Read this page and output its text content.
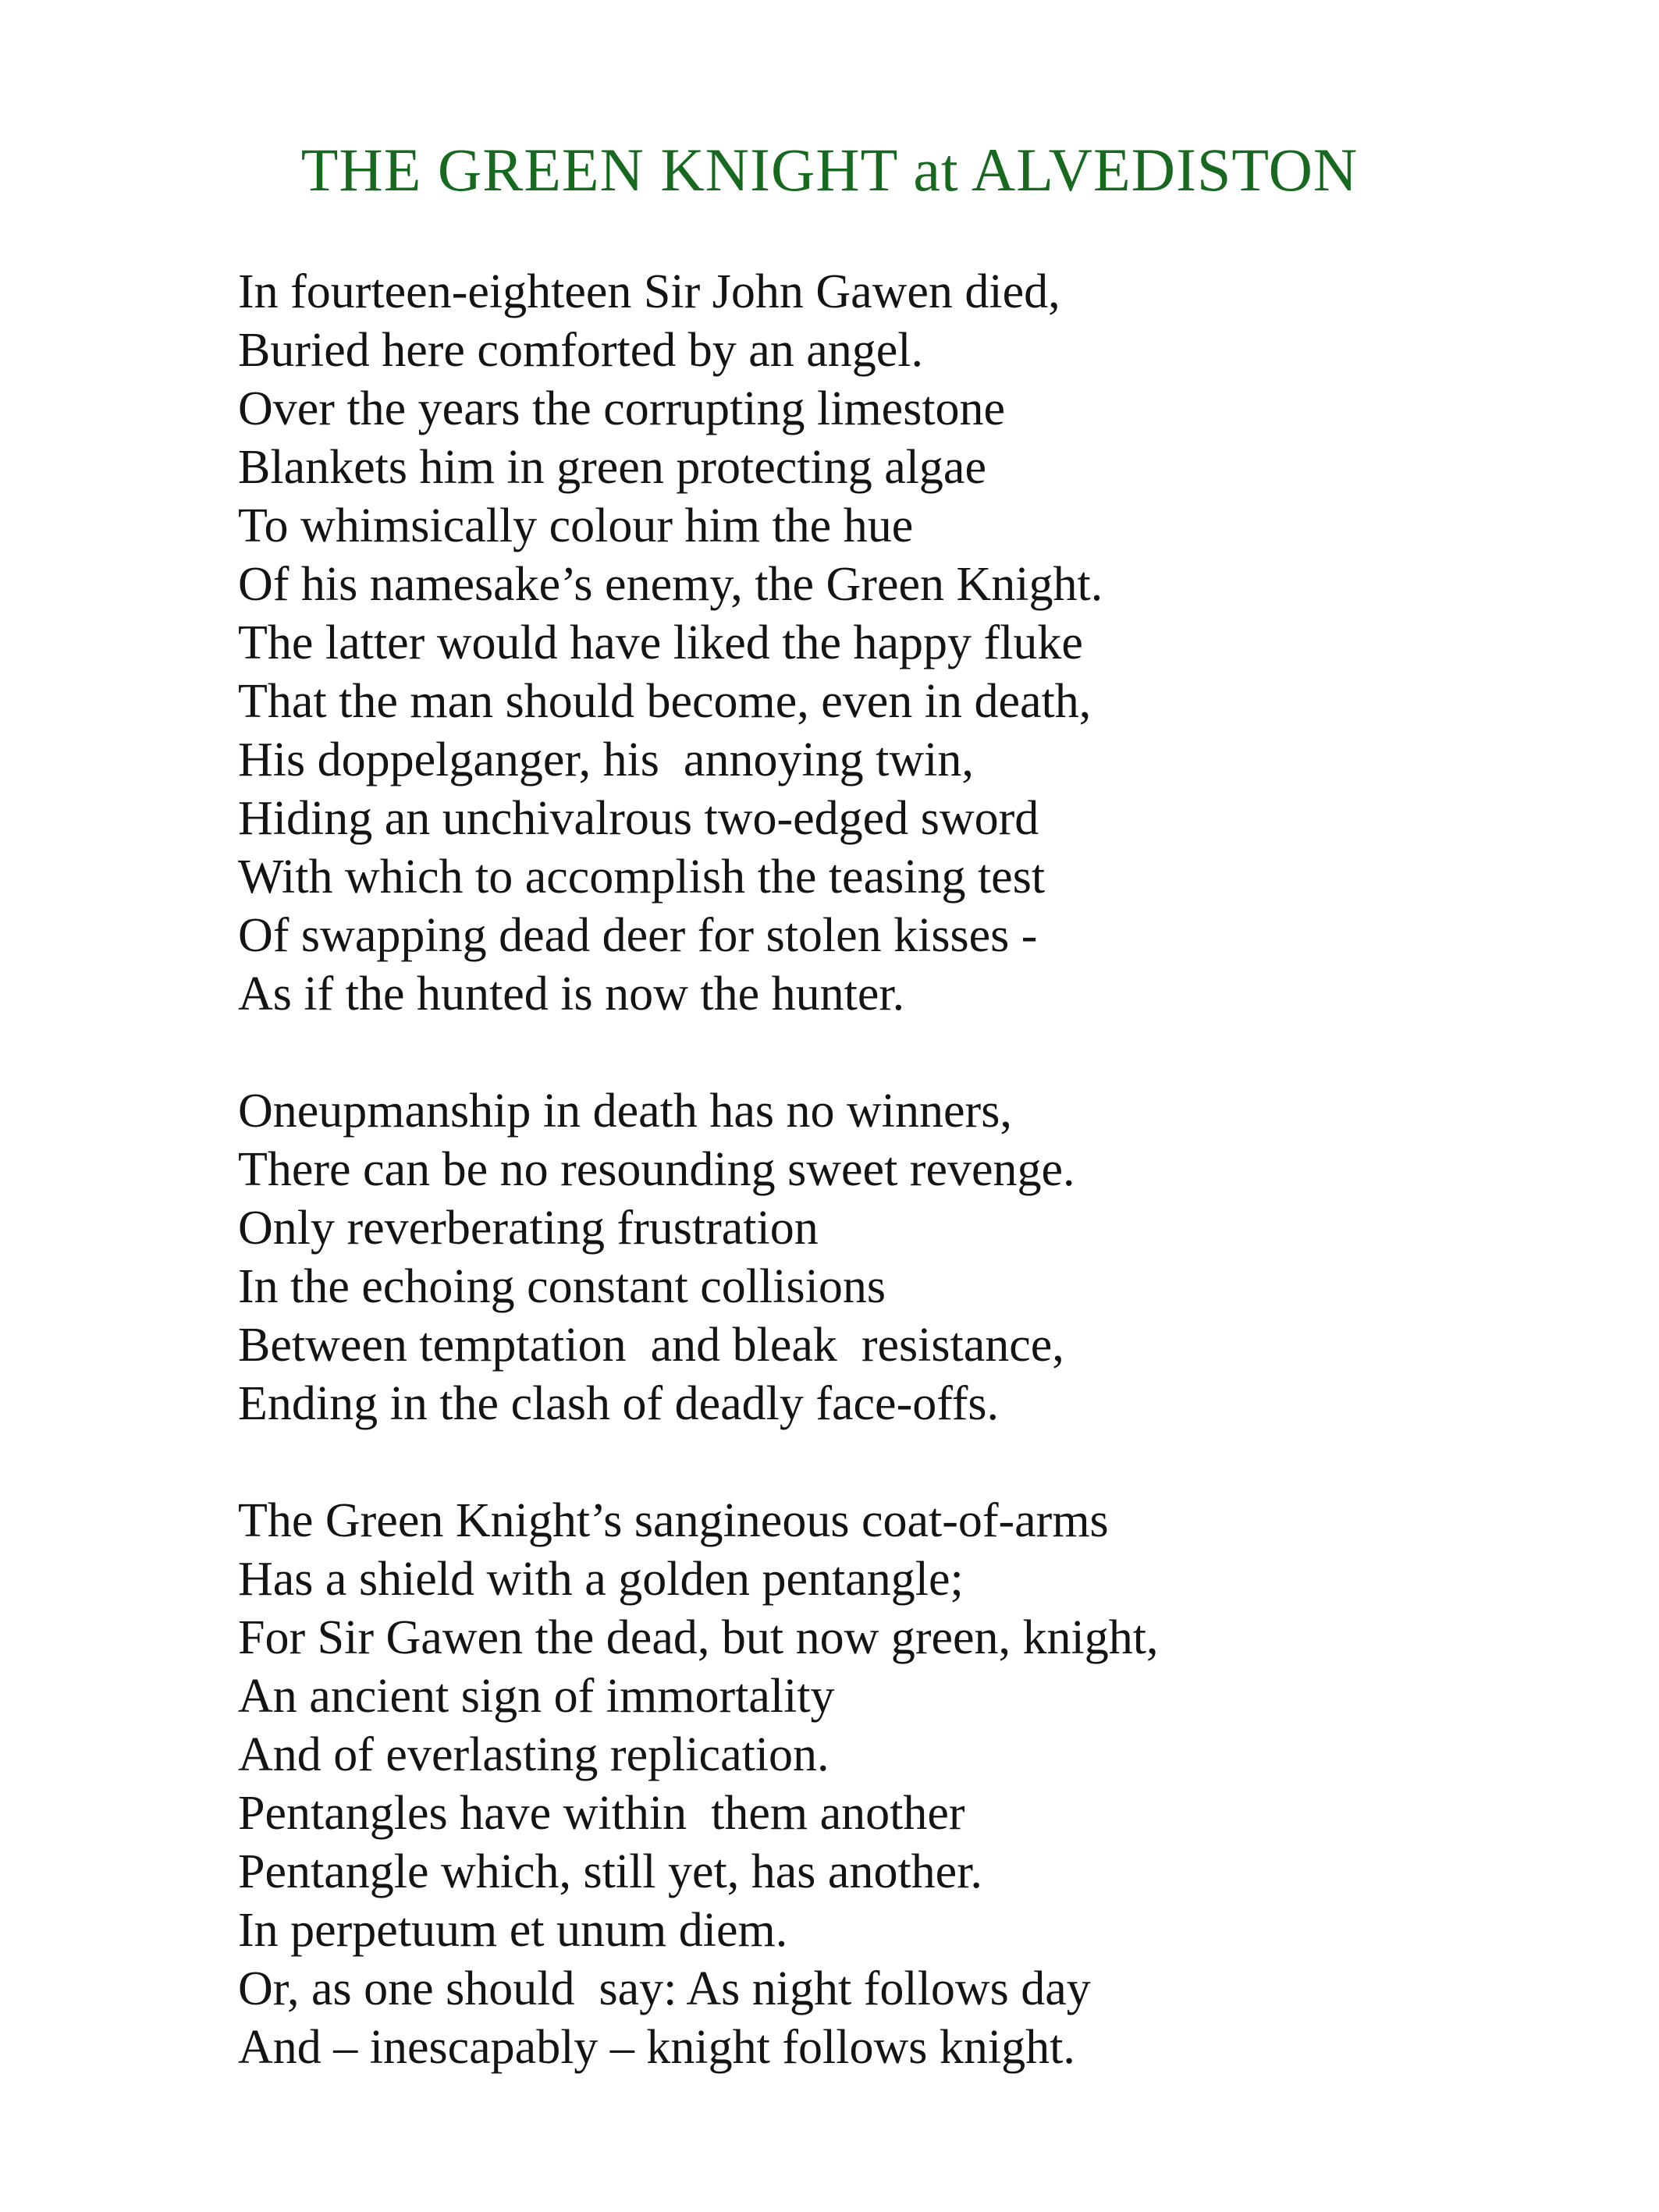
THE GREEN KNIGHT at ALVEDISTON

In fourteen-eighteen Sir John Gawen died,

Buried here comforted by an angel.

Over the years the corrupting limestone

Blankets him in green protecting algae

To whimsically colour him the hue

Of his namesake’s enemy, the Green Knight.

The latter would have liked the happy fluke

That the man should become, even in death,

His doppelganger, his  annoying twin,

Hiding an unchivalrous two-edged sword

With which to accomplish the teasing test

Of swapping dead deer for stolen kisses -

As if the hunted is now the hunter.

Oneupmanship in death has no winners,

There can be no resounding sweet revenge.

Only reverberating frustration

In the echoing constant collisions

Between temptation  and bleak  resistance,

Ending in the clash of deadly face-offs.

The Green Knight’s sangineous coat-of-arms

Has a shield with a golden pentangle;

For Sir Gawen the dead, but now green, knight,

An ancient sign of immortality

And of everlasting replication.

Pentangles have within  them another

Pentangle which, still yet, has another.

In perpetuum et unum diem.

Or, as one should  say: As night follows day

And – inescapably – knight follows knight.
